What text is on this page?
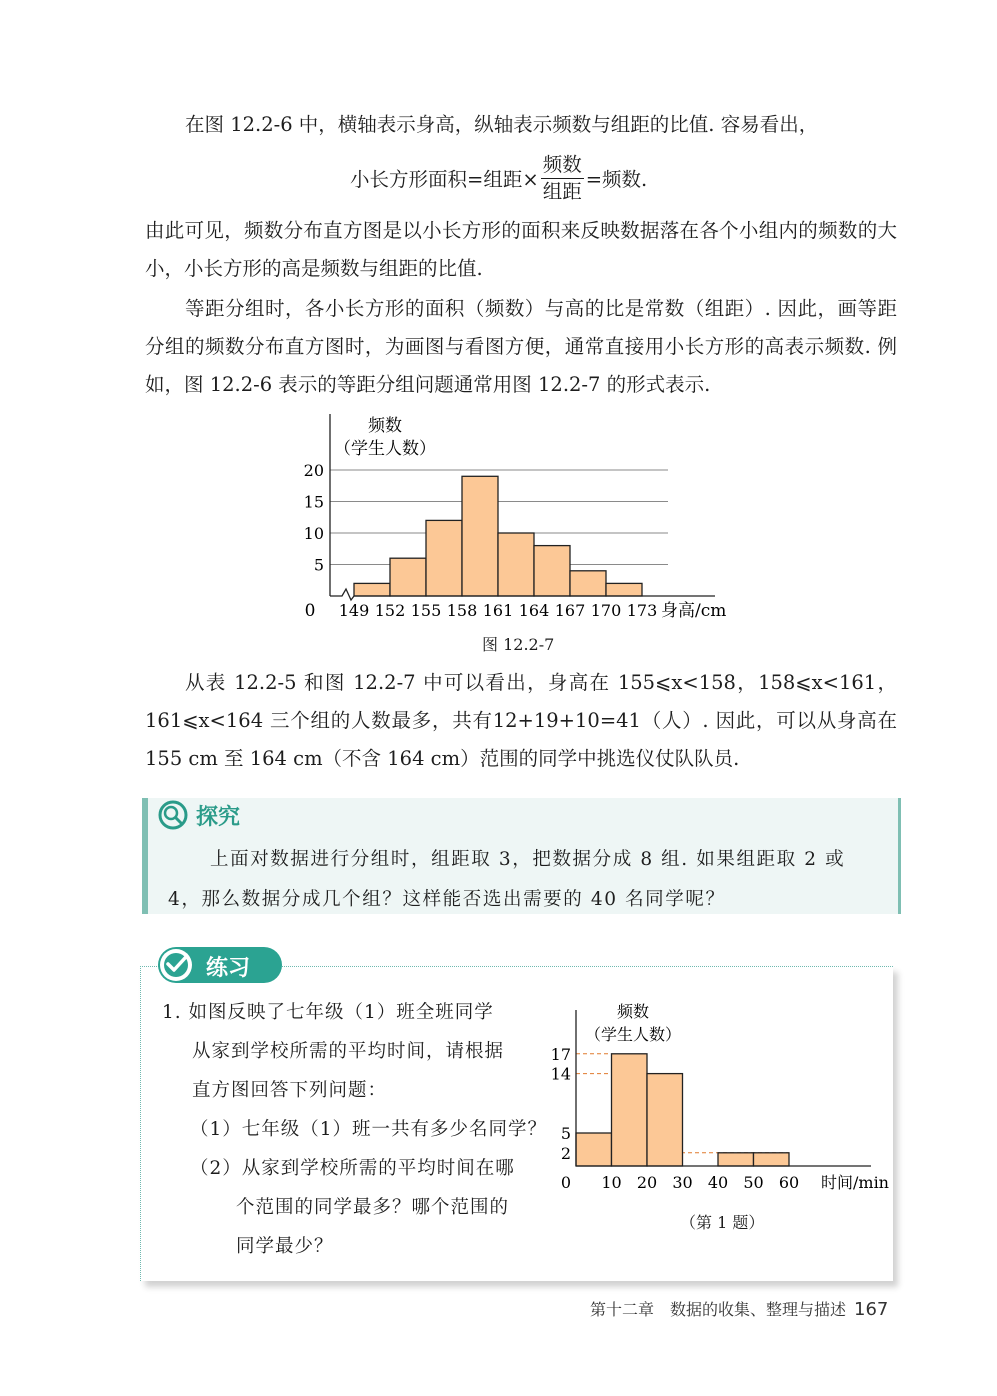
在图 12.2-6 中，横轴表示身高，纵轴表示频数与组距的比值. 容易看出，

小长方形面积=组距× $\frac{\text{频数}}{\text{组距}}$ =频数.

由此可见，频数分布直方图是以小长方形的面积来反映数据落在各个小组内的频数的大小，小长方形的高是频数与组距的比值.

等距分组时，各小长方形的面积（频数）与高的比是常数（组距）. 因此，画等距分组的频数分布直方图时，为画图与看图方便，通常直接用小长方形的高表示频数. 例如，图 12.2-6 表示的等距分组问题通常用图 12.2-7 的形式表示.

5
10
15
20
149 152 155 158 161 164 167 170 173
频数
（学生人数）
身高/cm
0
图 12.2-7

从表 12.2-5 和图 12.2-7 中可以看出，身高在 155⩽x<158，158⩽x<161，161⩽x<164 三个组的人数最多，共有12+19+10=41（人）. 因此，可以从身高在 155 cm 至 164 cm（不含 164 cm）范围的同学中挑选仪仗队队员.

探究

上面对数据进行分组时，组距取 3，把数据分成 8 组. 如果组距取 2 或 4，那么数据分成几个组？这样能否选出需要的 40 名同学呢？

练习

1. 如图反映了七年级（1）班全班同学

从家到学校所需的平均时间，请根据

直方图回答下列问题：

（1）七年级（1）班一共有多少名同学？

（2）从家到学校所需的平均时间在哪

个范围的同学最多？哪个范围的

同学最少？

2
5
14
17
0 10 20 30 40 50 60
频数
（学生人数）
时间/min
（第 1 题）
第十二章　数据的收集、整理与描述 167
